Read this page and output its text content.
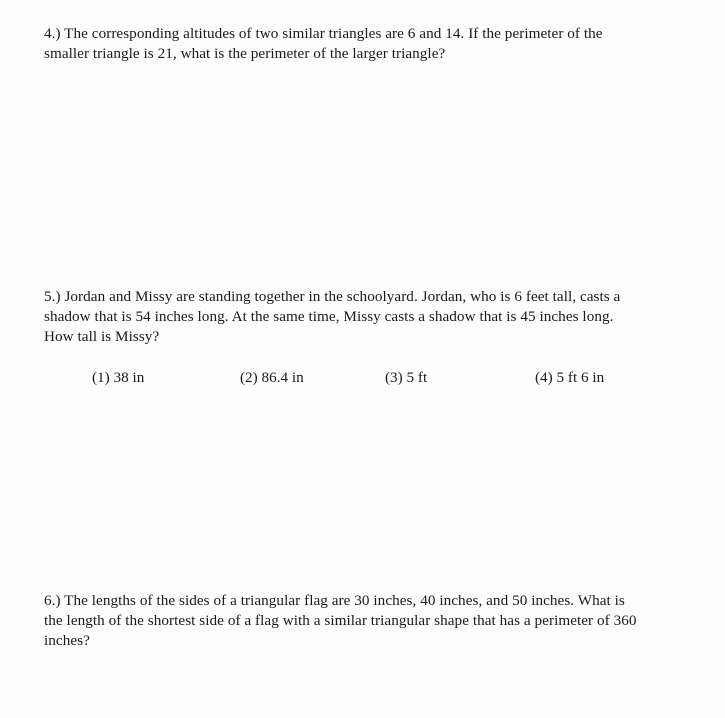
4.) The corresponding altitudes of two similar triangles are 6 and 14. If the perimeter of the
smaller triangle is 21, what is the perimeter of the larger triangle?
5.) Jordan and Missy are standing together in the schoolyard. Jordan, who is 6 feet tall, casts a
shadow that is 54 inches long. At the same time, Missy casts a shadow that is 45 inches long.
How tall is Missy?
(1) 38 in	(2) 86.4 in	(3) 5 ft	(4) 5 ft 6 in
6.) The lengths of the sides of a triangular flag are 30 inches, 40 inches, and 50 inches. What is
the length of the shortest side of a flag with a similar triangular shape that has a perimeter of 360
inches?
